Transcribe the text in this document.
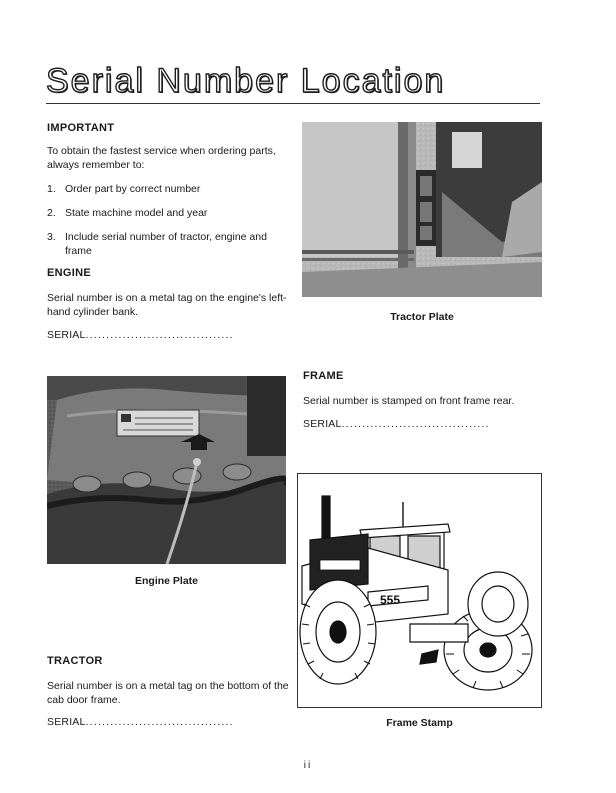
Serial Number Location

IMPORTANT

To obtain the fastest service when ordering parts, always remember to:

1. Order part by correct number
2. State machine model and year
3. Include serial number of tractor, engine and frame

ENGINE

Serial number is on a metal tag on the engine's left-hand cylinder bank.

SERIAL....................................

Engine Plate

TRACTOR

Serial number is on a metal tag on the bottom of the cab door frame.

SERIAL....................................

Tractor Plate

FRAME

Serial number is stamped on front frame rear.

SERIAL....................................

555
Frame Stamp
ii
